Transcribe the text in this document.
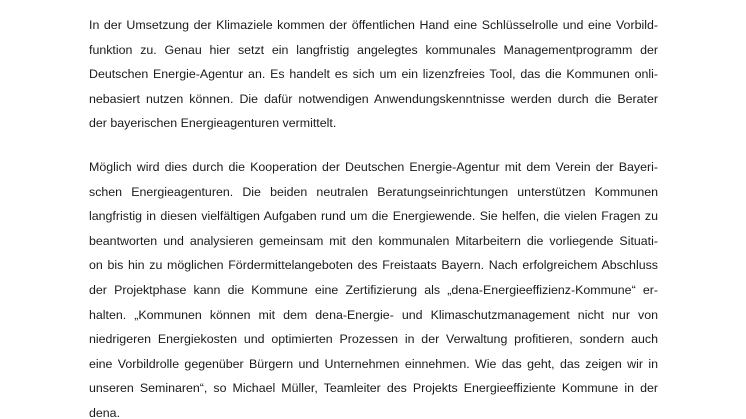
In der Umsetzung der Klimaziele kommen der öffentlichen Hand eine Schlüsselrolle und eine Vorbild-
funktion zu. Genau hier setzt ein langfristig angelegtes kommunales Managementprogramm der
Deutschen Energie-Agentur an. Es handelt es sich um ein lizenzfreies Tool, das die Kommunen onli-
nebasiert nutzen können. Die dafür notwendigen Anwendungskenntnisse werden durch die Berater
der bayerischen Energieagenturen vermittelt.
Möglich wird dies durch die Kooperation der Deutschen Energie-Agentur mit dem Verein der Bayeri-
schen Energieagenturen. Die beiden neutralen Beratungseinrichtungen unterstützen Kommunen
langfristig in diesen vielfältigen Aufgaben rund um die Energiewende. Sie helfen, die vielen Fragen zu
beantworten und analysieren gemeinsam mit den kommunalen Mitarbeitern die vorliegende Situati-
on bis hin zu möglichen Fördermittelangeboten des Freistaats Bayern. Nach erfolgreichem Abschluss
der Projektphase kann die Kommune eine Zertifizierung als „dena-Energieeffizienz-Kommune“ er-
halten. „Kommunen können mit dem dena-Energie- und Klimaschutzmanagement nicht nur von
niedrigeren Energiekosten und optimierten Prozessen in der Verwaltung profitieren, sondern auch
eine Vorbildrolle gegenüber Bürgern und Unternehmen einnehmen. Wie das geht, das zeigen wir in
unseren Seminaren“, so Michael Müller, Teamleiter des Projekts Energieeffiziente Kommune in der
dena.
